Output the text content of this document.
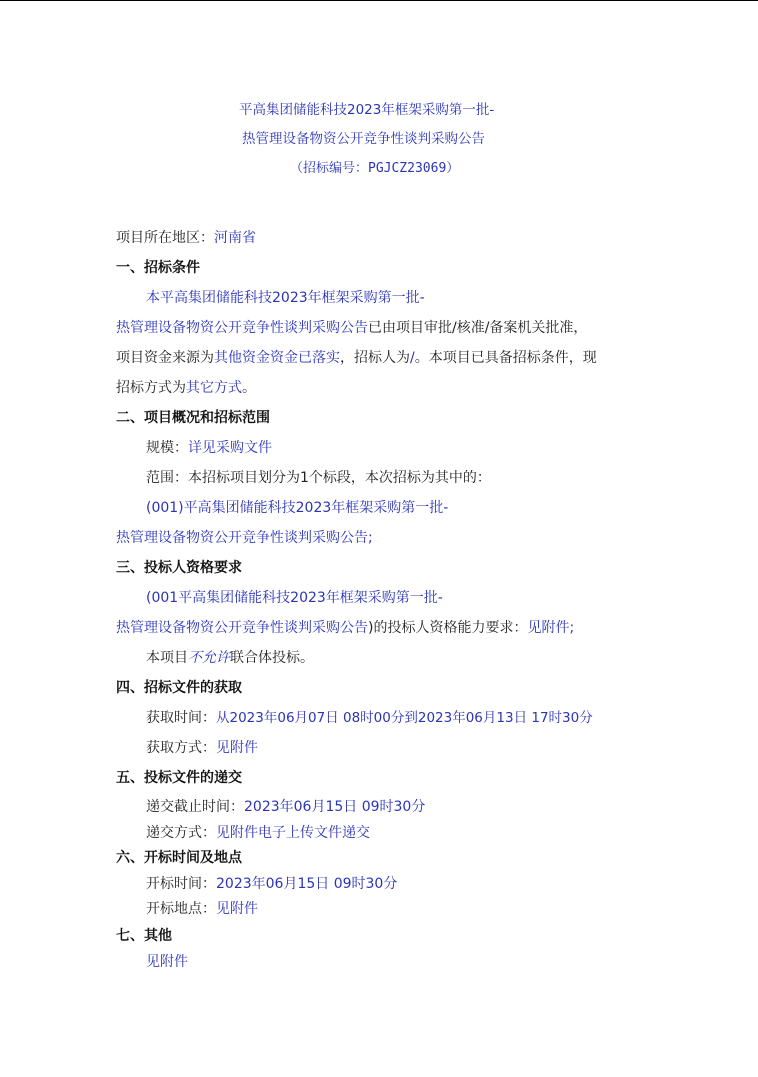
平高集团储能科技2023年框架采购第一批-
热管理设备物资公开竞争性谈判采购公告
（招标编号：PGJCZ23069）
项目所在地区：河南省
一、招标条件
本平高集团储能科技2023年框架采购第一批-
热管理设备物资公开竞争性谈判采购公告已由项目审批/核准/备案机关批准，
项目资金来源为其他资金资金已落实，招标人为/。本项目已具备招标条件，现
招标方式为其它方式。
二、项目概况和招标范围
规模：详见采购文件
范围：本招标项目划分为1个标段，本次招标为其中的：
(001)平高集团储能科技2023年框架采购第一批-
热管理设备物资公开竞争性谈判采购公告;
三、投标人资格要求
(001平高集团储能科技2023年框架采购第一批-
热管理设备物资公开竞争性谈判采购公告)的投标人资格能力要求：见附件;
本项目不允许联合体投标。
四、招标文件的获取
获取时间：从2023年06月07日 08时00分到2023年06月13日 17时30分
获取方式：见附件
五、投标文件的递交
递交截止时间：2023年06月15日 09时30分
递交方式：见附件电子上传文件递交
六、开标时间及地点
开标时间：2023年06月15日 09时30分
开标地点：见附件
七、其他
见附件
